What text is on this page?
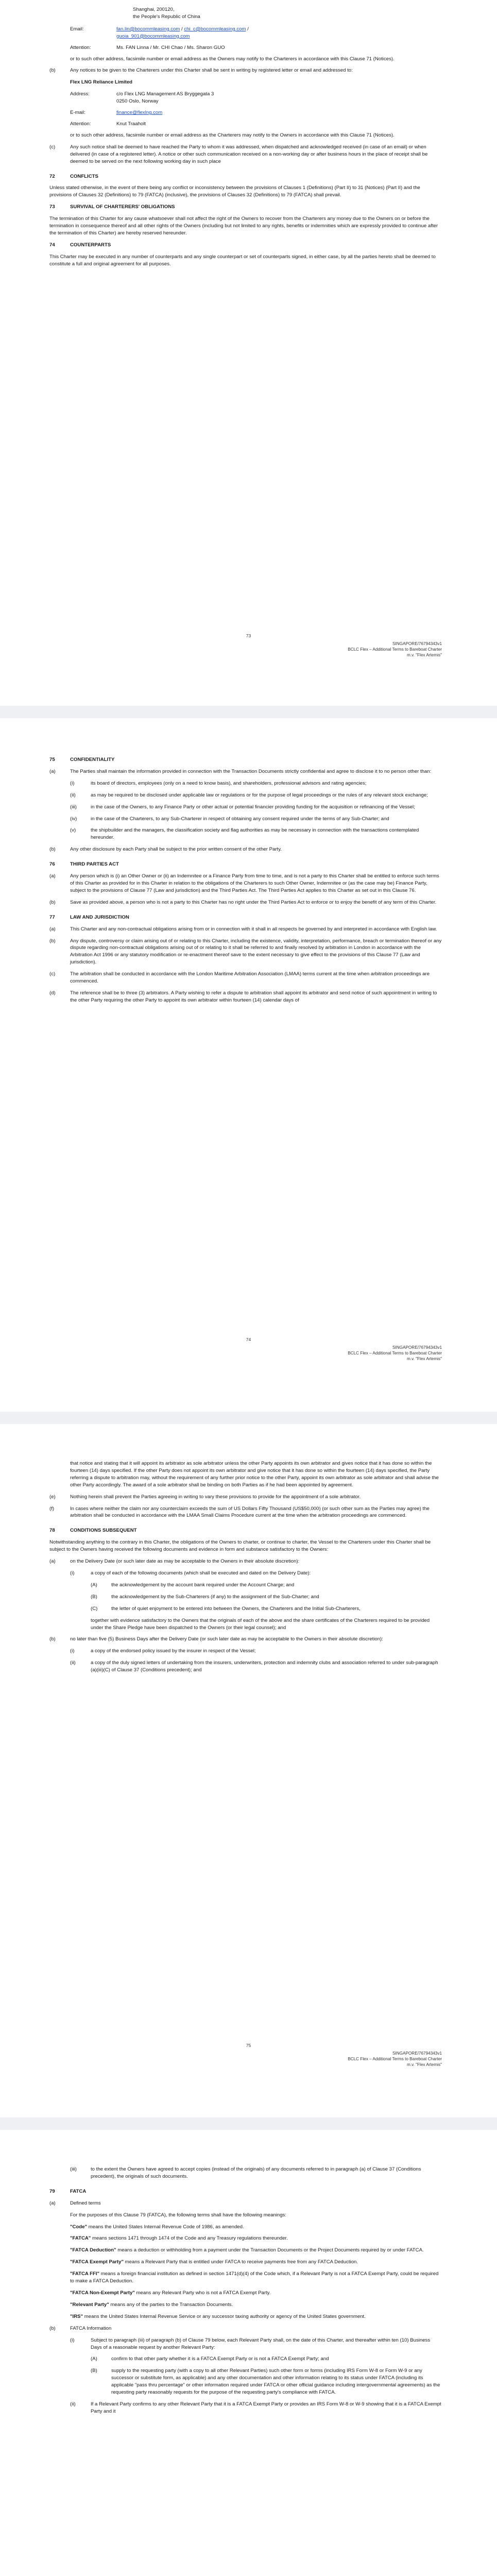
Shanghai, 200120,
the People's Republic of China
Email:	fan.lin@bocommleasing.com / chi_c@bocommleasing.com /
guoia_901@bocommleasing.com
Attention:	Ms. FAN Linna / Mr. CHI Chao / Ms. Sharon GUO

or to such other address, facsimile number or email address as the Owners may notify to the Charterers in accordance with this Clause 71 (Notices).

(b)	Any notices to be given to the Charterers under this Charter shall be sent in writing by registered letter or email and addressed to:

Flex LNG Reliance Limited

Address:	c/o Flex LNG Management AS Bryggegata 3
0250 Oslo, Norway
E-mail:	finance@flexlng.com
Attention:	Knut Traaholt

or to such other address, facsimile number or email address as the Charterers may notify to the Owners in accordance with this Clause 71 (Notices).

(c)	Any such notice shall be deemed to have reached the Party to whom it was addressed, when dispatched and acknowledged received (in case of an email) or when delivered (in case of a registered letter). A notice or other such communication received on a non-working day or after business hours in the place of receipt shall be deemed to be served on the next following working day in such place

72	CONFLICTS

Unless stated otherwise, in the event of there being any conflict or inconsistency between the provisions of Clauses 1 (Definitions) (Part II) to 31 (Notices) (Part II) and the provisions of Clauses 32 (Definitions) to 79 (FATCA) (inclusive), the provisions of Clauses 32 (Definitions) to 79 (FATCA) shall prevail.

73	SURVIVAL OF CHARTERERS' OBLIGATIONS

The termination of this Charter for any cause whatsoever shall not affect the right of the Owners to recover from the Charterers any money due to the Owners on or before the termination in consequence thereof and all other rights of the Owners (including but not limited to any rights, benefits or indemnities which are expressly provided to continue after the termination of this Charter) are hereby reserved hereunder.

74	COUNTERPARTS

This Charter may be executed in any number of counterparts and any single counterpart or set of counterparts signed, in either case, by all the parties hereto shall be deemed to constitute a full and original agreement for all purposes.

73
SINGAPORE/76794343v1
BCLC Flex – Additional Terms to Bareboat Charter
m.v. "Flex Artemis"
75	CONFIDENTIALITY

(a)	The Parties shall maintain the information provided in connection with the Transaction Documents strictly confidential and agree to disclose it to no person other than:

(i)	its board of directors, employees (only on a need to know basis), and shareholders, professional advisors and rating agencies;

(ii)	as may be required to be disclosed under applicable law or regulations or for the purpose of legal proceedings or the rules of any relevant stock exchange;

(iii)	in the case of the Owners, to any Finance Party or other actual or potential financier providing funding for the acquisition or refinancing of the Vessel;

(iv)	in the case of the Charterers, to any Sub-Charterer in respect of obtaining any consent required under the terms of any Sub-Charter; and

(v)	the shipbuilder and the managers, the classification society and flag authorities as may be necessary in connection with the transactions contemplated hereunder.

(b)	Any other disclosure by each Party shall be subject to the prior written consent of the other Party.

76	THIRD PARTIES ACT

(a)	Any person which is (i) an Other Owner or (ii) an Indemnitee or a Finance Party from time to time, and is not a party to this Charter shall be entitled to enforce such terms of this Charter as provided for in this Charter in relation to the obligations of the Charterers to such Other Owner, Indemnitee or (as the case may be) Finance Party, subject to the provisions of Clause 77 (Law and jurisdiction) and the Third Parties Act. The Third Parties Act applies to this Charter as set out in this Clause 76.

(b)	Save as provided above, a person who is not a party to this Charter has no right under the Third Parties Act to enforce or to enjoy the benefit of any term of this Charter.

77	LAW AND JURISDICTION

(a)	This Charter and any non-contractual obligations arising from or in connection with it shall in all respects be governed by and interpreted in accordance with English law.

(b)	Any dispute, controversy or claim arising out of or relating to this Charter, including the existence, validity, interpretation, performance, breach or termination thereof or any dispute regarding non-contractual obligations arising out of or relating to it shall be referred to and finally resolved by arbitration in London in accordance with the Arbitration Act 1996 or any statutory modification or re-enactment thereof save to the extent necessary to give effect to the provisions of this Clause 77 (Law and jurisdiction).

(c)	The arbitration shall be conducted in accordance with the London Maritime Arbitration Association (LMAA) terms current at the time when arbitration proceedings are commenced.

(d)	The reference shall be to three (3) arbitrators. A Party wishing to refer a dispute to arbitration shall appoint its arbitrator and send notice of such appointment in writing to the other Party requiring the other Party to appoint its own arbitrator within fourteen (14) calendar days of

74
SINGAPORE/76794343v1
BCLC Flex – Additional Terms to Bareboat Charter
m.v. "Flex Artemis"

that notice and stating that it will appoint its arbitrator as sole arbitrator unless the other Party appoints its own arbitrator and gives notice that it has done so within the fourteen (14) days specified. If the other Party does not appoint its own arbitrator and give notice that it has done so within the fourteen (14) days specified, the Party referring a dispute to arbitration may, without the requirement of any further prior notice to the other Party, appoint its own arbitrator as sole arbitrator and shall advise the other Party accordingly. The award of a sole arbitrator shall be binding on both Parties as if he had been appointed by agreement.

(e)	Nothing herein shall prevent the Parties agreeing in writing to vary these provisions to provide for the appointment of a sole arbitrator.

(f)	In cases where neither the claim nor any counterclaim exceeds the sum of US Dollars Fifty Thousand (US$50,000) (or such other sum as the Parties may agree) the arbitration shall be conducted in accordance with the LMAA Small Claims Procedure current at the time when the arbitration proceedings are commenced.

78	CONDITIONS SUBSEQUENT

Notwithstanding anything to the contrary in this Charter, the obligations of the Owners to charter, or continue to charter, the Vessel to the Charterers under this Charter shall be subject to the Owners having received the following documents and evidence in form and substance satisfactory to the Owners:

(a)	on the Delivery Date (or such later date as may be acceptable to the Owners in their absolute discretion):

(i)	a copy of each of the following documents (which shall be executed and dated on the Delivery Date):

(A)	the acknowledgement by the account bank required under the Account Charge; and

(B)	the acknowledgement by the Sub-Charterers (if any) to the assignment of the Sub-Charter; and

(C)	the letter of quiet enjoyment to be entered into between the Owners, the Charterers and the Initial Sub-Charterers,

together with evidence satisfactory to the Owners that the originals of each of the above and the share certificates of the Charterers required to be provided under the Share Pledge have been dispatched to the Owners (or their legal counsel); and

(b)	no later than five (5) Business Days after the Delivery Date (or such later date as may be acceptable to the Owners in their absolute discretion):

(i)	a copy of the endorsed policy issued by the insurer in respect of the Vessel;

(ii)	a copy of the duly signed letters of undertaking from the insurers, underwriters, protection and indemnity clubs and association referred to under sub-paragraph (a)(iii)(C) of Clause 37 (Conditions precedent); and

75
SINGAPORE/76794343v1
BCLC Flex – Additional Terms to Bareboat Charter
m.v. "Flex Artemis"
(iii)	to the extent the Owners have agreed to accept copies (instead of the originals) of any documents referred to in paragraph (a) of Clause 37 (Conditions precedent), the originals of such documents.

79	FATCA

(a)	Defined terms

For the purposes of this Clause 79 (FATCA), the following terms shall have the following meanings:

"Code" means the United States Internal Revenue Code of 1986, as amended.

"FATCA" means sections 1471 through 1474 of the Code and any Treasury regulations thereunder.

"FATCA Deduction" means a deduction or withholding from a payment under the Transaction Documents or the Project Documents required by or under FATCA.

"FATCA Exempt Party" means a Relevant Party that is entitled under FATCA to receive payments free from any FATCA Deduction.

"FATCA FFI" means a foreign financial institution as defined in section 1471(d)(4) of the Code which, if a Relevant Party is not a FATCA Exempt Party, could be required to make a FATCA Deduction.

"FATCA Non-Exempt Party" means any Relevant Party who is not a FATCA Exempt Party.

"Relevant Party" means any of the parties to the Transaction Documents.

"IRS" means the United States Internal Revenue Service or any successor taxing authority or agency of the United States government.

(b)	FATCA Information

(i)	Subject to paragraph (iii) of paragraph (b) of Clause 79 below, each Relevant Party shall, on the date of this Charter, and thereafter within ten (10) Business Days of a reasonable request by another Relevant Party:

(A)	confirm to that other party whether it is a FATCA Exempt Party or is not a FATCA Exempt Party; and

(B)	supply to the requesting party (with a copy to all other Relevant Parties) such other form or forms (including IRS Form W-8 or Form W-9 or any successor or substitute form, as applicable) and any other documentation and other information relating to its status under FATCA (including its applicable "pass thru percentage" or other information required under FATCA or other official guidance including intergovernmental agreements) as the requesting party reasonably requests for the purpose of the requesting party's compliance with FATCA.

(ii)	If a Relevant Party confirms to any other Relevant Party that it is a FATCA Exempt Party or provides an IRS Form W-8 or W-9 showing that it is a FATCA Exempt Party and it
